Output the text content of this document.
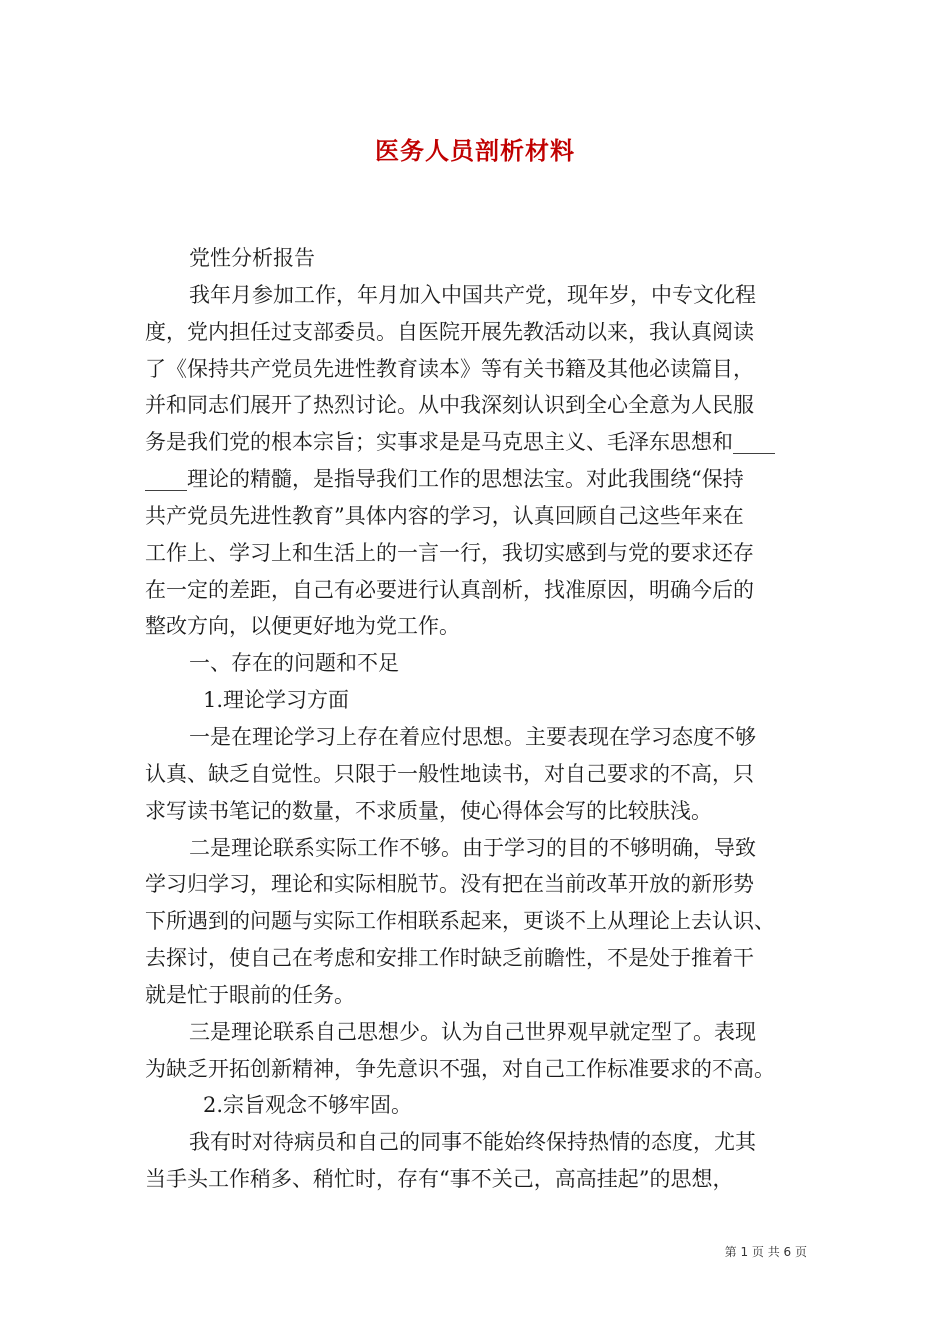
医务人员剖析材料
党性分析报告
我年月参加工作，年月加入中国共产党，现年岁，中专文化程
度，党内担任过支部委员。自医院开展先教活动以来，我认真阅读
了《保持共产党员先进性教育读本》等有关书籍及其他必读篇目，
并和同志们展开了热烈讨论。从中我深刻认识到全心全意为人民服
务是我们党的根本宗旨；实事求是是马克思主义、毛泽东思想和____
____理论的精髓，是指导我们工作的思想法宝。对此我围绕“保持
共产党员先进性教育”具体内容的学习，认真回顾自己这些年来在
工作上、学习上和生活上的一言一行，我切实感到与党的要求还存
在一定的差距，自己有必要进行认真剖析，找准原因，明确今后的
整改方向，以便更好地为党工作。
一、存在的问题和不足
1.理论学习方面
一是在理论学习上存在着应付思想。主要表现在学习态度不够
认真、缺乏自觉性。只限于一般性地读书，对自己要求的不高，只
求写读书笔记的数量，不求质量，使心得体会写的比较肤浅。
二是理论联系实际工作不够。由于学习的目的不够明确，导致
学习归学习，理论和实际相脱节。没有把在当前改革开放的新形势
下所遇到的问题与实际工作相联系起来，更谈不上从理论上去认识、
去探讨，使自己在考虑和安排工作时缺乏前瞻性，不是处于推着干
就是忙于眼前的任务。
三是理论联系自己思想少。认为自己世界观早就定型了。表现
为缺乏开拓创新精神，争先意识不强，对自己工作标准要求的不高。
2.宗旨观念不够牢固。
我有时对待病员和自己的同事不能始终保持热情的态度，尤其
当手头工作稍多、稍忙时，存有“事不关己，高高挂起”的思想，
第 1 页 共 6 页
